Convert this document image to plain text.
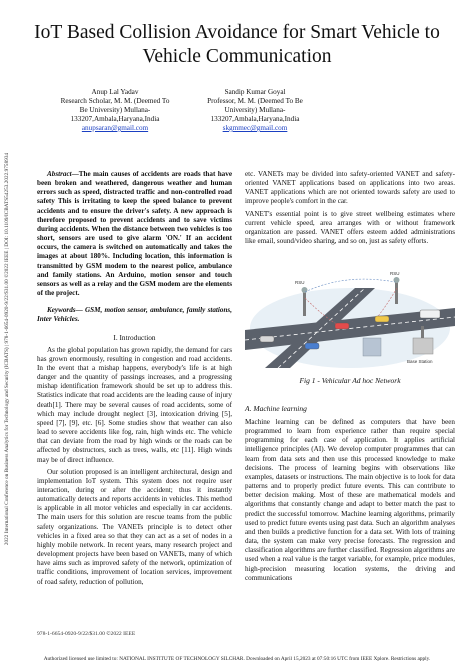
2022 International Conference on Business Analytics for Technology and Security (ICBATS) | 978-1-6654-0920-9/22/$31.00 ©2022 IEEE | DOI: 10.1109/ICBATS54253.2022.9758934
IoT Based Collision Avoidance for Smart Vehicle to
Vehicle Communication
Anup Lal Yadav
Research Scholar, M. M. (Deemed To
Be University) Mullana-
133207,Ambala,Haryana,India
anupsaran@gmail.com
Sandip Kumar Goyal
Professor, M. M. (Deemed To Be
University) Mullana-
133207,Ambala,Haryana,India
skgmmec@gmail.com

Abstract—The main causes of accidents are roads that have been broken and weathered, dangerous weather and human errors such as speed, distracted traffic and non-controlled road safety This is irritating to keep the speed balance to prevent accidents and to ensure the driver's safety. A new approach is therefore proposed to prevent accidents and to save victims during accidents. When the distance between two vehicles is too short, sensors are used to give alarm 'ON.' If an accident occurs, the camera is switched on automatically and takes the images at about 180%. Including location, this information is transmitted by GSM modem to the nearest police, ambulance and family stations. An Arduino, motion sensor and touch sensors as well as a relay and the GSM modem are the elements of the project.

Keywords— GSM, motion sensor, ambulance, family stations, Inter Vehicles.

I. Introduction

As the global population has grown rapidly, the demand for cars has grown enormously, resulting in congestion and road accidents. In the event that a mishap happens, everybody's life is at high danger and the quantity of passings increases, and a progressing mishap identification framework should be set up to address this. Statistics indicate that road accidents are the leading cause of injury death[1]. There may be several causes of road accidents, some of which may include drought neglect [3], intoxication driving [5], speed [7], [9], etc. [6]. Some studies show that weather can also lead to severe accidents like fog, rain, high winds etc. The vehicle that can deviate from the road by high winds or the roads can be affected by obstructors, such as trees, walls, etc [11]. High winds may be of direct influence.

Our solution proposed is an intelligent architectural, design and implementation IoT system. This system does not require user interaction, during or after the accident; thus it instantly automatically detects and reports accidents in vehicles. This method is applicable in all motor vehicles and especially in car accidents. The main users for this solution are rescue teams from the public safety organizations. The VANETs principle is to detect other vehicles in a fixed area so that they can act as a set of nodes in a highly mobile network. In recent years, many research project and development projects have been based on VANETs, many of which have aims such as improved safety of the network, optimization of traffic conditions, improvement of location services, improvement of road safety, reduction of pollution,

etc. VANETs may be divided into safety-oriented VANET and safety-oriented VANET applications based on applications into two areas. VANET applications which are not oriented towards safety are used to improve people's comfort in the car.

VANET's essential point is to give street wellbeing estimates where current vehicle speed, area arranges with or without framework organization are passed. VANET offers esteem added administrations like email, sound/video sharing, and so on, just as safety efforts.

RSU
RSU
Base Station
Fig 1 - Vehicular Ad hoc Network
A. Machine learning

Machine learning can be defined as computers that have been programmed to learn from experience rather than require special programming for each case of application. It applies artificial intelligence principles (AI). We develop computer programmes that can learn from data sets and then use this processed knowledge to make decisions. The process of learning begins with observations like examples, datasets or instructions. The main objective is to look for data patterns and to properly predict future events. This can contribute to better decision making. Most of these are mathematical models and algorithms that constantly change and adapt to better match the past to predict the successful tomorrow. Machine learning algorithms, primarily used to predict future events using past data. Such an algorithm analyses and then builds a predictive function for a data set. With lots of training data, the system can make very precise forecasts. The regression and classification algorithms are further classified. Regression algorithms are used when a real value is the target variable, for example, price modules, high-precision measuring location systems, the driving and communications

978-1-6654-0920-9/22/$31.00 ©2022 IEEE
Authorized licensed use limited to: NATIONAL INSTITUTE OF TECHNOLOGY SILCHAR. Downloaded on April 15,2023 at 07:50:16 UTC from IEEE Xplore. Restrictions apply.
